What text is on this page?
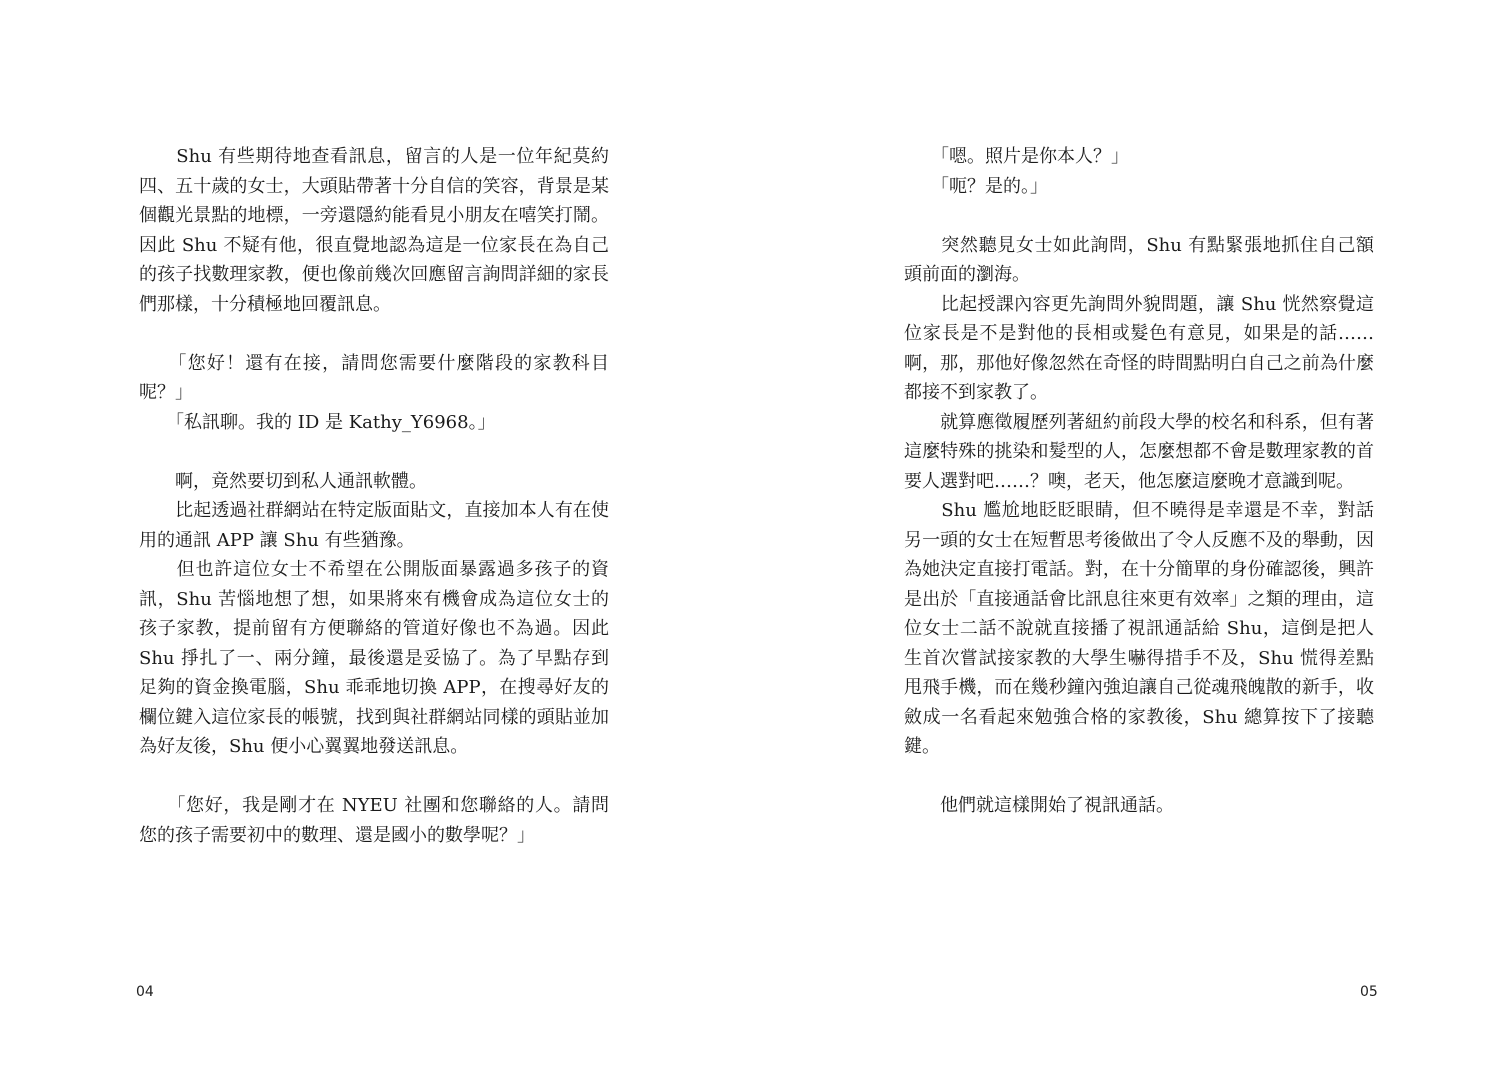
　　Shu 有些期待地查看訊息，留言的人是一位年紀莫約四、五十歲的女士，大頭貼帶著十分自信的笑容，背景是某個觀光景點的地標，一旁還隱約能看見小朋友在嘻笑打鬧。因此 Shu 不疑有他，很直覺地認為這是一位家長在為自己的孩子找數理家教，便也像前幾次回應留言詢問詳細的家長們那樣，十分積極地回覆訊息。

　　「您好！還有在接，請問您需要什麼階段的家教科目呢？」

　　「私訊聊。我的 ID 是 Kathy_Y6968。」

　　啊，竟然要切到私人通訊軟體。

　　比起透過社群網站在特定版面貼文，直接加本人有在使用的通訊 APP 讓 Shu 有些猶豫。

　　但也許這位女士不希望在公開版面暴露過多孩子的資訊，Shu 苦惱地想了想，如果將來有機會成為這位女士的孩子家教，提前留有方便聯絡的管道好像也不為過。因此 Shu 掙扎了一、兩分鐘，最後還是妥協了。為了早點存到足夠的資金換電腦，Shu 乖乖地切換 APP，在搜尋好友的欄位鍵入這位家長的帳號，找到與社群網站同樣的頭貼並加為好友後，Shu 便小心翼翼地發送訊息。

　　「您好，我是剛才在 NYEU 社團和您聯絡的人。請問您的孩子需要初中的數理、還是國小的數學呢？」

04

　　「嗯。照片是你本人？」

　　「呃？是的。」

　　突然聽見女士如此詢問，Shu 有點緊張地抓住自己額頭前面的瀏海。

　　比起授課內容更先詢問外貌問題，讓 Shu 恍然察覺這位家長是不是對他的長相或髮色有意見，如果是的話……啊，那，那他好像忽然在奇怪的時間點明白自己之前為什麼都接不到家教了。

　　就算應徵履歷列著紐約前段大學的校名和科系，但有著這麼特殊的挑染和髮型的人，怎麼想都不會是數理家教的首要人選對吧……？噢，老天，他怎麼這麼晚才意識到呢。

　　Shu 尷尬地眨眨眼睛，但不曉得是幸還是不幸，對話另一頭的女士在短暫思考後做出了令人反應不及的舉動，因為她決定直接打電話。對，在十分簡單的身份確認後，興許是出於「直接通話會比訊息往來更有效率」之類的理由，這位女士二話不說就直接播了視訊通話給 Shu，這倒是把人生首次嘗試接家教的大學生嚇得措手不及，Shu 慌得差點甩飛手機，而在幾秒鐘內強迫讓自己從魂飛魄散的新手，收斂成一名看起來勉強合格的家教後，Shu 總算按下了接聽鍵。

　　他們就這樣開始了視訊通話。

05
